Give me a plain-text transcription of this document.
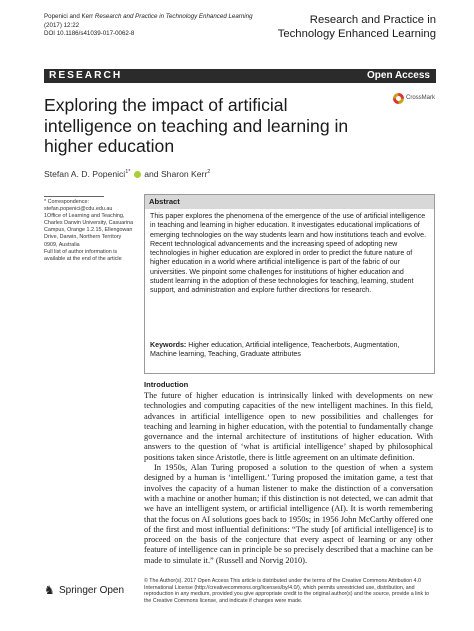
Popenici and Kerr Research and Practice in Technology Enhanced Learning
(2017) 12:22
DOI 10.1186/s41039-017-0062-8
Research and Practice in
Technology Enhanced Learning
RESEARCH	Open Access
Exploring the impact of artificial intelligence on teaching and learning in higher education
CrossMark
Stefan A. D. Popenici$^{1*}$  and Sharon Kerr$^2$

* Correspondence:

stefan.popenici@cdu.edu.au

1Office of Learning and Teaching,

Charles Darwin University, Casuarina

Campus, Orange 1.2.15, Ellengowan

Drive, Darwin, Northern Territory

0909, Australia

Full list of author information is

available at the end of the article

Abstract
This paper explores the phenomena of the emergence of the use of artificial intelligence in teaching and learning in higher education. It investigates educational implications of emerging technologies on the way students learn and how institutions teach and evolve. Recent technological advancements and the increasing speed of adopting new technologies in higher education are explored in order to predict the future nature of higher education in a world where artificial intelligence is part of the fabric of our universities. We pinpoint some challenges for institutions of higher education and student learning in the adoption of these technologies for teaching, learning, student support, and administration and explore further directions for research.
Keywords: Higher education, Artificial intelligence, Teacherbots, Augmentation, Machine learning, Teaching, Graduate attributes
Introduction

The future of higher education is intrinsically linked with developments on new technologies and computing capacities of the new intelligent machines. In this field, advances in artificial intelligence open to new possibilities and challenges for teaching and learning in higher education, with the potential to fundamentally change governance and the internal architecture of institutions of higher education. With answers to the question of ‘what is artificial intelligence’ shaped by philosophical positions taken since Aristotle, there is little agreement on an ultimate definition.

In 1950s, Alan Turing proposed a solution to the question of when a system designed by a human is ‘intelligent.’ Turing proposed the imitation game, a test that involves the capacity of a human listener to make the distinction of a conversation with a machine or another human; if this distinction is not detected, we can admit that we have an intelligent system, or artificial intelligence (AI). It is worth remembering that the focus on AI solutions goes back to 1950s; in 1956 John McCarthy offered one of the first and most influential definitions: “The study [of artificial intelligence] is to proceed on the basis of the conjecture that every aspect of learning or any other feature of intelligence can in principle be so precisely described that a machine can be made to simulate it.” (Russell and Norvig 2010).

♞ Springer Open
© The Author(s). 2017 Open Access This article is distributed under the terms of the Creative Commons Attribution 4.0 International License (http://creativecommons.org/licenses/by/4.0/), which permits unrestricted use, distribution, and reproduction in any medium, provided you give appropriate credit to the original author(s) and the source, provide a link to the Creative Commons license, and indicate if changes were made.
